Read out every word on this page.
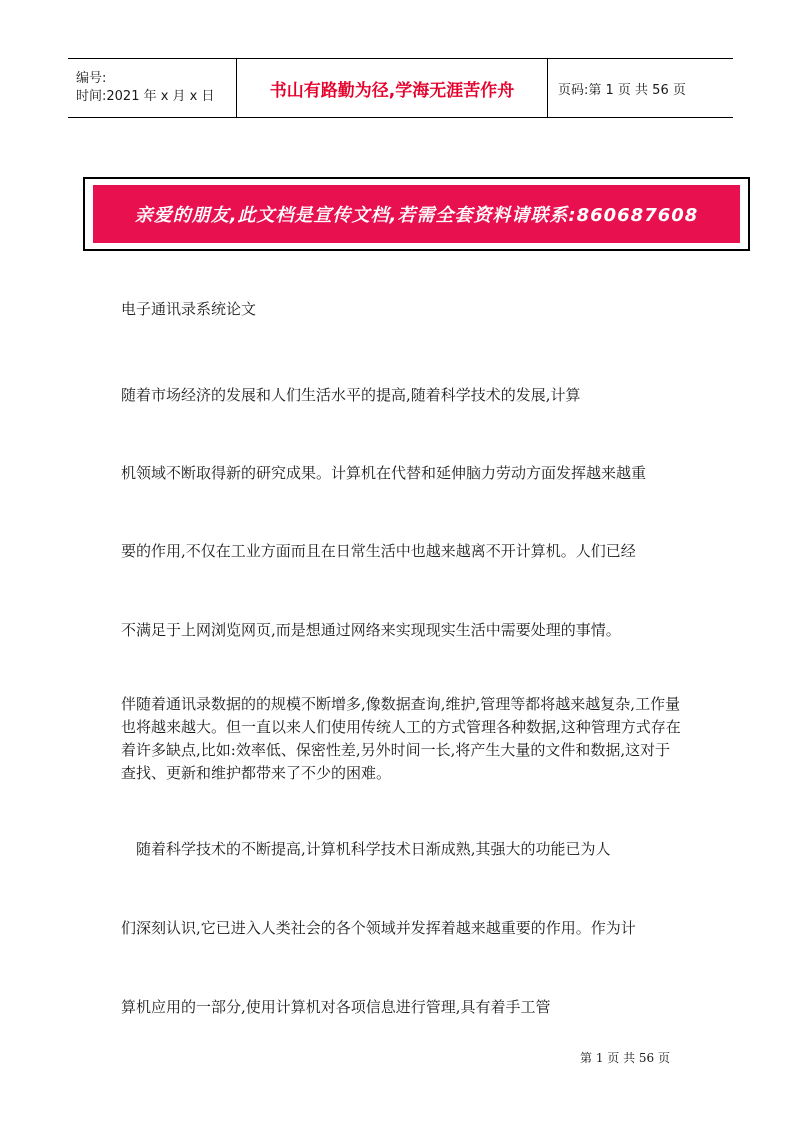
编号:
时间:2021 年 x 月 x 日	书山有路勤为径,学海无涯苦作舟	页码:第 1 页 共 56 页
亲爱的朋友,此文档是宣传文档,若需全套资料请联系:860687608
电子通讯录系统论文
随着市场经济的发展和人们生活水平的提高,随着科学技术的发展,计算
机领域不断取得新的研究成果。计算机在代替和延伸脑力劳动方面发挥越来越重
要的作用,不仅在工业方面而且在日常生活中也越来越离不开计算机。人们已经
不满足于上网浏览网页,而是想通过网络来实现现实生活中需要处理的事情。
伴随着通讯录数据的的规模不断增多,像数据查询,维护,管理等都将越来越复杂,工作量也将越来越大。但一直以来人们使用传统人工的方式管理各种数据,这种管理方式存在着许多缺点,比如:效率低、保密性差,另外时间一长,将产生大量的文件和数据,这对于查找、更新和维护都带来了不少的困难。
随着科学技术的不断提高,计算机科学技术日渐成熟,其强大的功能已为人
们深刻认识,它已进入人类社会的各个领域并发挥着越来越重要的作用。作为计
算机应用的一部分,使用计算机对各项信息进行管理,具有着手工管
第 1 页 共 56 页
